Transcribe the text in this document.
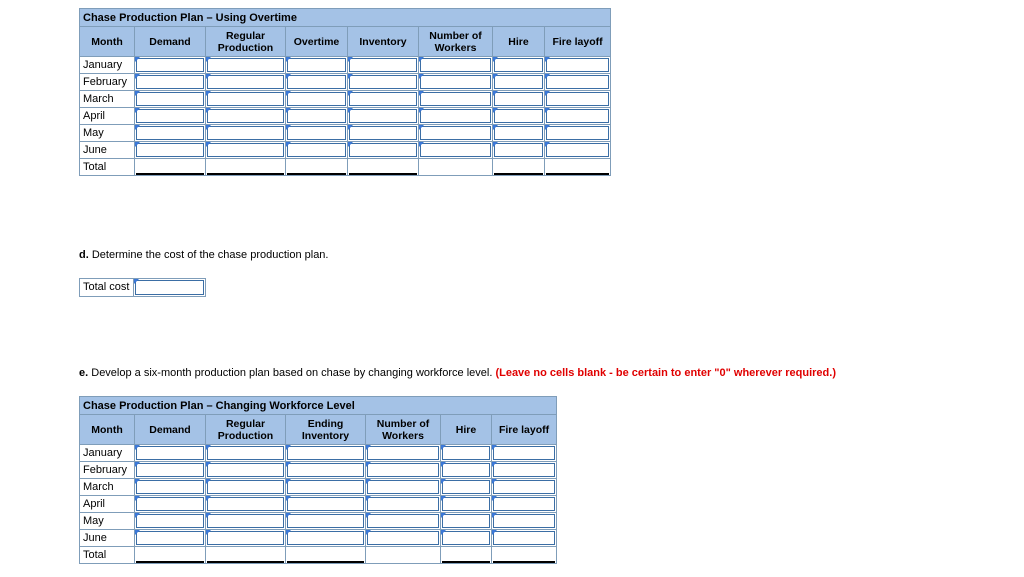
Chase Production Plan – Using Overtime							
Month	Demand	Regular Production	Overtime	Inventory	Number of Workers	Hire	Fire layoff
January	

February	

March	

April	

May	

June	

Total	

d. Determine the cost of the chase production plan.
Total cost
e. Develop a six-month production plan based on chase by changing workforce level. (Leave no cells blank - be certain to enter "0" wherever required.)
Chase Production Plan – Changing Workforce Level						
Month	Demand	Regular Production	Ending Inventory	Number of Workers	Hire	Fire layoff
January	

February	

March	

April	

May	

June	

Total	
